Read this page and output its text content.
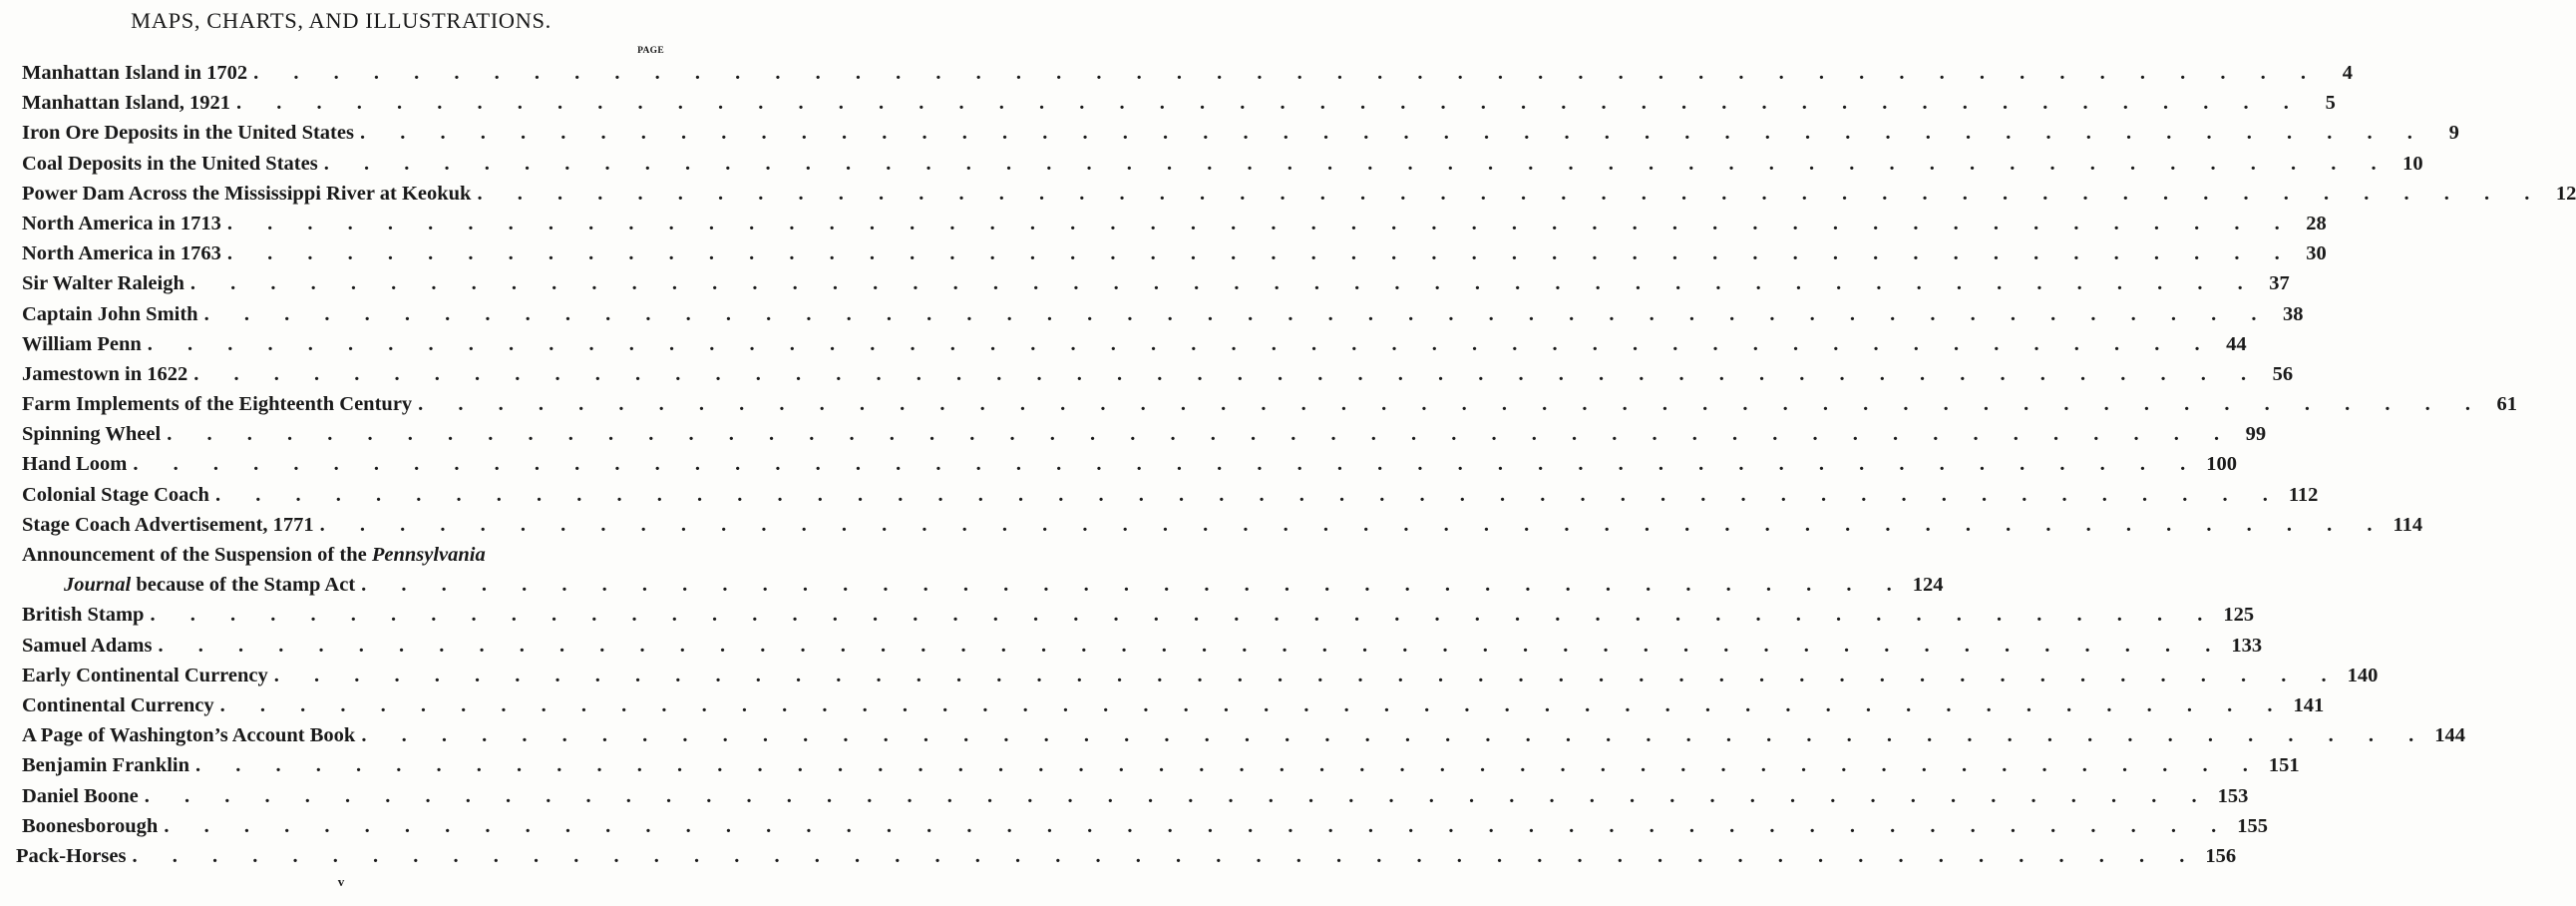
MAPS, CHARTS, AND ILLUSTRATIONS.
PAGE
Manhattan Island in 1702 . . . . . . . . . . . . . . . . . . . . . . . . . . . . . . . . . . . . . . . . . . . . . . . . . . . .	4
Manhattan Island, 1921 . . . . . . . . . . . . . . . . . . . . . . . . . . . . . . . . . . . . . . . . . . . . . . . . . . . .	5
Iron Ore Deposits in the United States . . . . . . . . . . . . . . . . . . . . . . . . . . . . . . . . . . . . . . . . . . . . . . . . . . . .	9
Coal Deposits in the United States . . . . . . . . . . . . . . . . . . . . . . . . . . . . . . . . . . . . . . . . . . . . . . . . . . . . 10
Power Dam Across the Mississippi River at Keokuk . . . . . . . . . . . . . . . . . . . . . . . . . . . . . . . . . . . . . . . . . . . . . . . . . . . . 12
North America in 1713 . . . . . . . . . . . . . . . . . . . . . . . . . . . . . . . . . . . . . . . . . . . . . . . . . . . . 28
North America in 1763 . . . . . . . . . . . . . . . . . . . . . . . . . . . . . . . . . . . . . . . . . . . . . . . . . . . . 30
Sir Walter Raleigh . . . . . . . . . . . . . . . . . . . . . . . . . . . . . . . . . . . . . . . . . . . . . . . . . . . . 37
Captain John Smith . . . . . . . . . . . . . . . . . . . . . . . . . . . . . . . . . . . . . . . . . . . . . . . . . . . . 38
William Penn . . . . . . . . . . . . . . . . . . . . . . . . . . . . . . . . . . . . . . . . . . . . . . . . . . . . 44
Jamestown in 1622 . . . . . . . . . . . . . . . . . . . . . . . . . . . . . . . . . . . . . . . . . . . . . . . . . . . . 56
Farm Implements of the Eighteenth Century . . . . . . . . . . . . . . . . . . . . . . . . . . . . . . . . . . . . . . . . . . . . . . . . . . . . 61
Spinning Wheel . . . . . . . . . . . . . . . . . . . . . . . . . . . . . . . . . . . . . . . . . . . . . . . . . . . . 99
Hand Loom . . . . . . . . . . . . . . . . . . . . . . . . . . . . . . . . . . . . . . . . . . . . . . . . . . . . 100
Colonial Stage Coach . . . . . . . . . . . . . . . . . . . . . . . . . . . . . . . . . . . . . . . . . . . . . . . . . . . . 112
Stage Coach Advertisement, 1771 . . . . . . . . . . . . . . . . . . . . . . . . . . . . . . . . . . . . . . . . . . . . . . . . . . . . 114
Announcement of the Suspension of the Pennsylvania
Journal because of the Stamp Act . . . . . . . . . . . . . . . . . . . . . . . . . . . . . . . . . . . . . . . 124
British Stamp . . . . . . . . . . . . . . . . . . . . . . . . . . . . . . . . . . . . . . . . . . . . . . . . . . . . 125
Samuel Adams . . . . . . . . . . . . . . . . . . . . . . . . . . . . . . . . . . . . . . . . . . . . . . . . . . . . 133
Early Continental Currency . . . . . . . . . . . . . . . . . . . . . . . . . . . . . . . . . . . . . . . . . . . . . . . . . . . . 140
Continental Currency . . . . . . . . . . . . . . . . . . . . . . . . . . . . . . . . . . . . . . . . . . . . . . . . . . . . 141
A Page of Washington’s Account Book . . . . . . . . . . . . . . . . . . . . . . . . . . . . . . . . . . . . . . . . . . . . . . . . . . . . 144
Benjamin Franklin . . . . . . . . . . . . . . . . . . . . . . . . . . . . . . . . . . . . . . . . . . . . . . . . . . . . 151
Daniel Boone . . . . . . . . . . . . . . . . . . . . . . . . . . . . . . . . . . . . . . . . . . . . . . . . . . . . 153
Boonesborough . . . . . . . . . . . . . . . . . . . . . . . . . . . . . . . . . . . . . . . . . . . . . . . . . . . . 155
Pack-Horses . . . . . . . . . . . . . . . . . . . . . . . . . . . . . . . . . . . . . . . . . . . . . . . . . . . . 156
v
